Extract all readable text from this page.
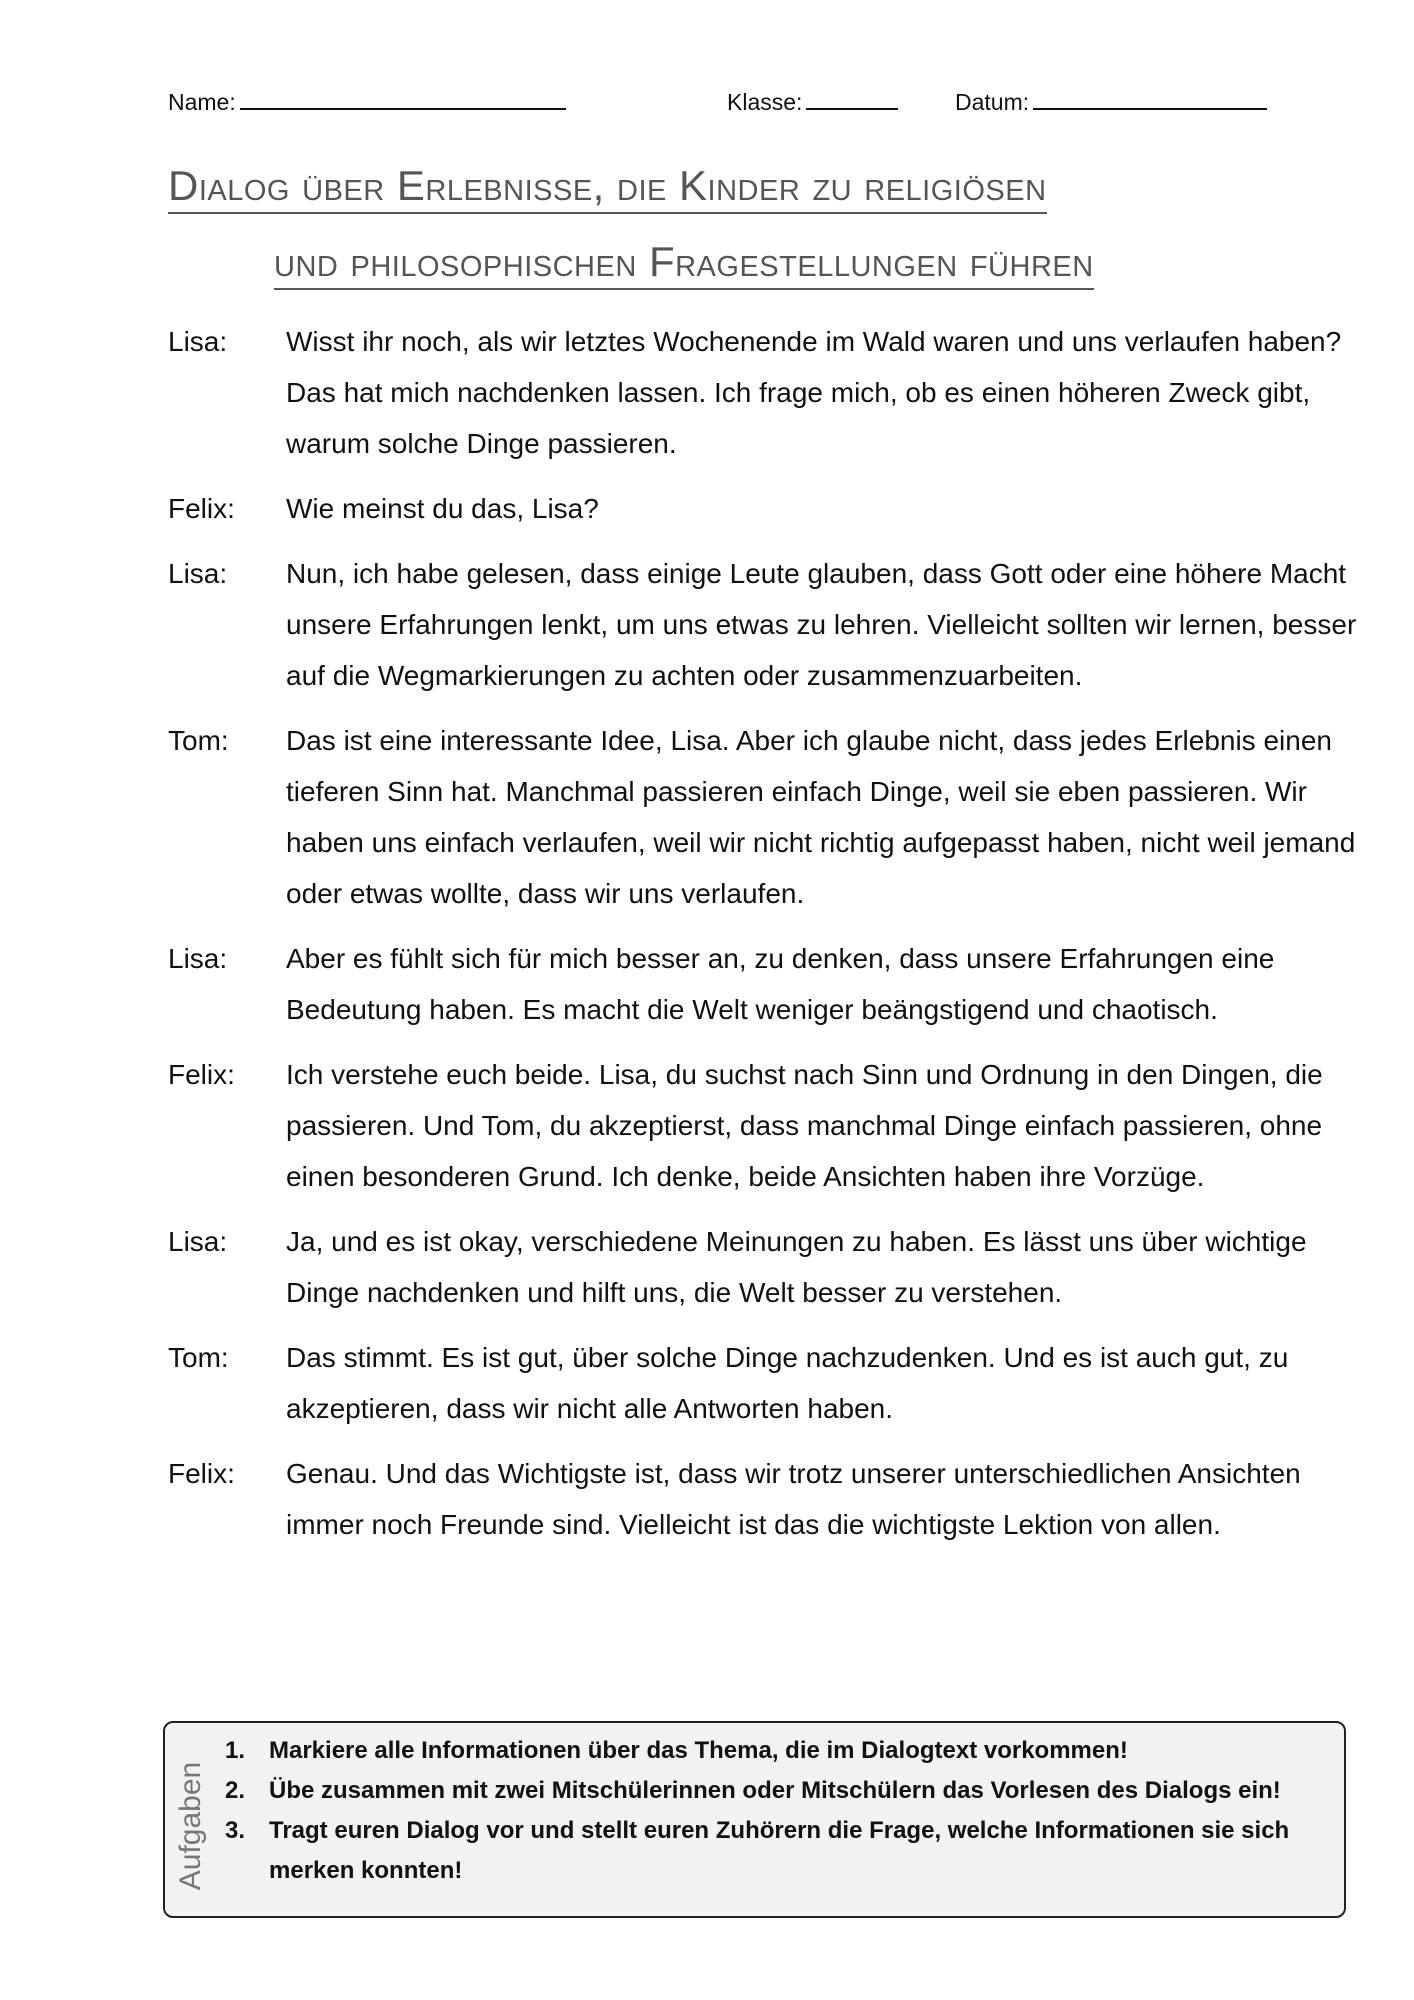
Name:	Klasse:	Datum:
Dialog über Erlebnisse, die Kinder zu religiösen
und philosophischen Fragestellungen führen
Lisa:	Wisst ihr noch, als wir letztes Wochenende im Wald waren und uns verlaufen haben? Das hat mich nachdenken lassen. Ich frage mich, ob es einen höheren Zweck gibt, warum solche Dinge passieren.
Felix:	Wie meinst du das, Lisa?
Lisa:	Nun, ich habe gelesen, dass einige Leute glauben, dass Gott oder eine höhere Macht unsere Erfahrungen lenkt, um uns etwas zu lehren. Vielleicht sollten wir lernen, besser auf die Wegmarkierungen zu achten oder zusammenzuarbeiten.
Tom:	Das ist eine interessante Idee, Lisa. Aber ich glaube nicht, dass jedes Erlebnis einen tieferen Sinn hat. Manchmal passieren einfach Dinge, weil sie eben passieren. Wir haben uns einfach verlaufen, weil wir nicht richtig aufgepasst haben, nicht weil jemand oder etwas wollte, dass wir uns verlaufen.
Lisa:	Aber es fühlt sich für mich besser an, zu denken, dass unsere Erfahrungen eine Bedeutung haben. Es macht die Welt weniger beängstigend und chaotisch.
Felix:	Ich verstehe euch beide. Lisa, du suchst nach Sinn und Ordnung in den Dingen, die passieren. Und Tom, du akzeptierst, dass manchmal Dinge einfach passieren, ohne einen besonderen Grund. Ich denke, beide Ansichten haben ihre Vorzüge.
Lisa:	Ja, und es ist okay, verschiedene Meinungen zu haben. Es lässt uns über wichtige Dinge nachdenken und hilft uns, die Welt besser zu verstehen.
Tom:	Das stimmt. Es ist gut, über solche Dinge nachzudenken. Und es ist auch gut, zu akzeptieren, dass wir nicht alle Antworten haben.
Felix:	Genau. Und das Wichtigste ist, dass wir trotz unserer unterschiedlichen Ansichten immer noch Freunde sind. Vielleicht ist das die wichtigste Lektion von allen.
Aufgaben
1. Markiere alle Informationen über das Thema, die im Dialogtext vorkommen!
2. Übe zusammen mit zwei Mitschülerinnen oder Mitschülern das Vorlesen des Dialogs ein!
3. Tragt euren Dialog vor und stellt euren Zuhörern die Frage, welche Informationen sie sich merken konnten!
